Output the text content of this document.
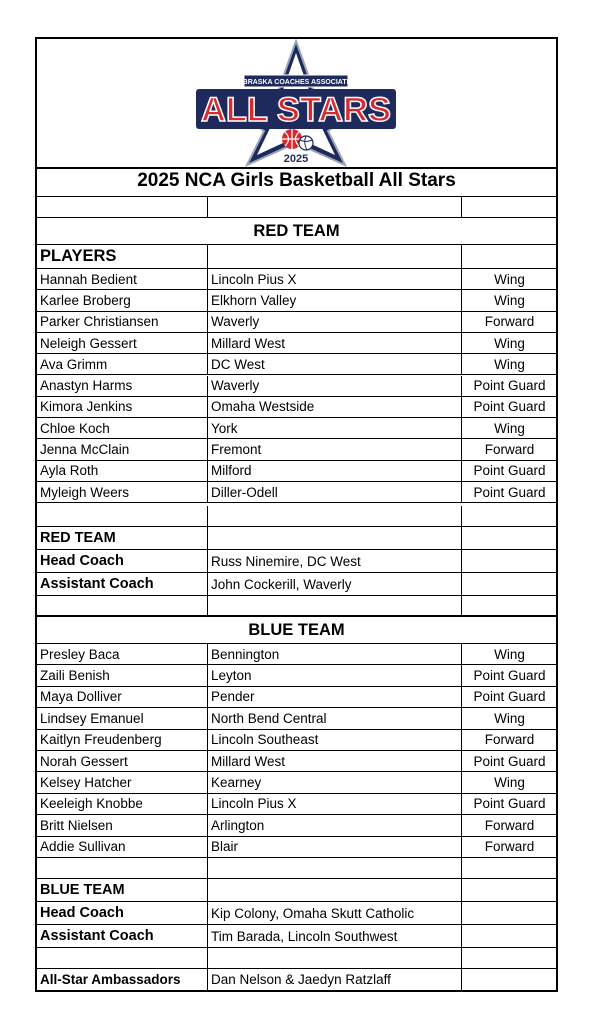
NEBRASKA COACHES ASSOCIATION
ALL STARS
2025
2025 NCA Girls Basketball All Stars
RED TEAM
PLAYERS
Hannah Bedient	Lincoln Pius X	Wing
Karlee Broberg	Elkhorn Valley	Wing
Parker Christiansen	Waverly	Forward
Neleigh Gessert	Millard West	Wing
Ava Grimm	DC West	Wing
Anastyn Harms	Waverly	Point Guard
Kimora Jenkins	Omaha Westside	Point Guard
Chloe Koch	York	Wing
Jenna McClain	Fremont	Forward
Ayla Roth	Milford	Point Guard
Myleigh Weers	Diller-Odell	Point Guard
RED TEAM
Head Coach	Russ Ninemire, DC West
Assistant Coach	John Cockerill, Waverly
BLUE TEAM
Presley Baca	Bennington	Wing
Zaili Benish	Leyton	Point Guard
Maya Dolliver	Pender	Point Guard
Lindsey Emanuel	North Bend Central	Wing
Kaitlyn Freudenberg	Lincoln Southeast	Forward
Norah Gessert	Millard West	Point Guard
Kelsey Hatcher	Kearney	Wing
Keeleigh Knobbe	Lincoln Pius X	Point Guard
Britt Nielsen	Arlington	Forward
Addie Sullivan	Blair	Forward
BLUE TEAM
Head Coach	Kip Colony, Omaha Skutt Catholic
Assistant Coach	Tim Barada, Lincoln Southwest
All-Star Ambassadors	Dan Nelson & Jaedyn Ratzlaff
